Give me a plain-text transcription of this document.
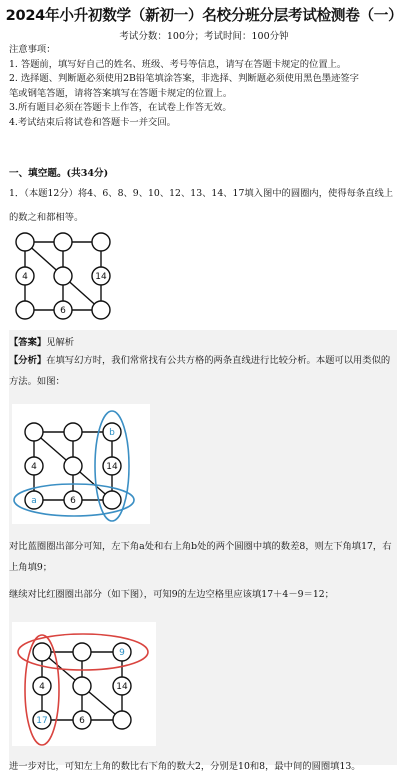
2024年小升初数学（新初一）名校分班分层考试检测卷（一）
考试分数：100分；考试时间：100分钟
注意事项：
1. 答题前，填写好自己的姓名、班级、考号等信息，请写在答题卡规定的位置上。
2. 选择题、判断题必须使用2B铅笔填涂答案，非选择、判断题必须使用黑色墨迹签字
笔或钢笔答题，请将答案填写在答题卡规定的位置上。
3.所有题目必须在答题卡上作答，在试卷上作答无效。
4.考试结束后将试卷和答题卡一并交回。
一、填空题。(共34分)
1．（本题12分）将4、6、8、9、10、12、13、14、17填入图中的圆圈内，使得每条直线上的数之和都相等。
4	14
6
【答案】见解析
【分析】在填写幻方时，我们常常找有公共方格的两条直线进行比较分析。本题可以用类似的方法。如图：
b
a
4	14
6
对比蓝圈圈出部分可知，左下角a处和右上角b处的两个圆圈中填的数差8，则左下角填17，右上角填9；
继续对比红圈圈出部分（如下图），可知9的左边空格里应该填17＋4－9＝12；
9
17
4	14
6
进一步对比，可知左上角的数比右下角的数大2，分别是10和8，最中间的圆圈填13。
